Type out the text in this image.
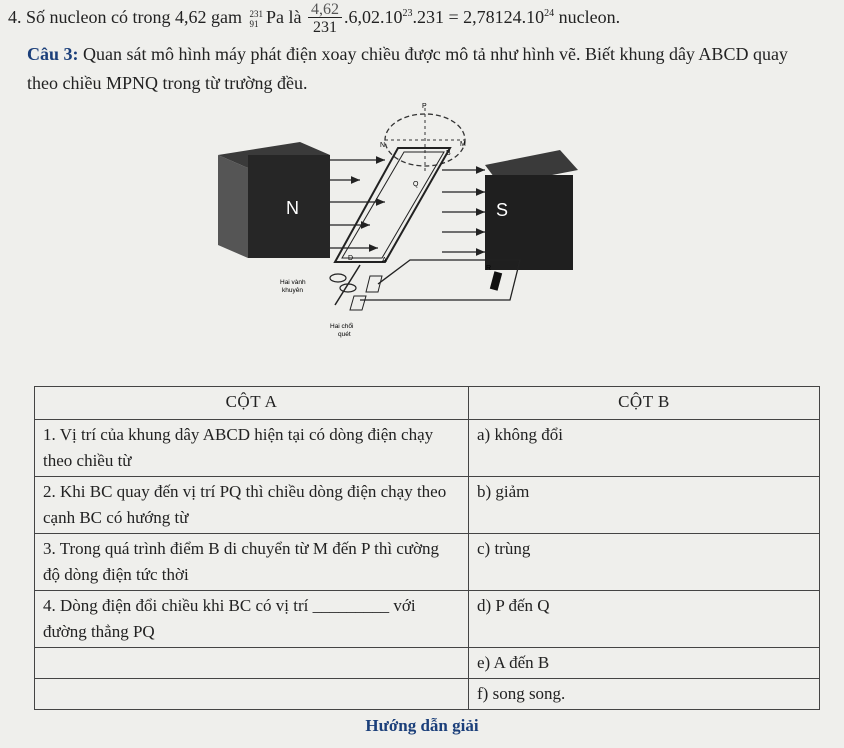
4. Số nucleon có trong 4,62 gam 231
91 Pa là $\frac{4,62}{231} .6,02.10^{23}.231 = 2,78124.10^{24}$ nucleon.
Câu 3: Quan sát mô hình máy phát điện xoay chiều được mô tả như hình vẽ. Biết khung dây ABCD quay theo chiều MPNQ trong từ trường đều.
N	S
P
N	M
B
Q
D	A
R
Hai vành
khuyên
Hai chổi
quét
CỘT A	CỘT B
1. Vị trí của khung dây ABCD hiện tại có dòng điện chạy theo chiều từ	a) không đổi
2. Khi BC quay đến vị trí PQ thì chiều dòng điện chạy theo cạnh BC có hướng từ	b) giảm
3. Trong quá trình điểm B di chuyển từ M đến P thì cường độ dòng điện tức thời	c) trùng
4. Dòng điện đổi chiều khi BC có vị trí _________ với đường thẳng PQ	d) P đến Q
	e) A đến B
	f) song song.
Hướng dẫn giải
